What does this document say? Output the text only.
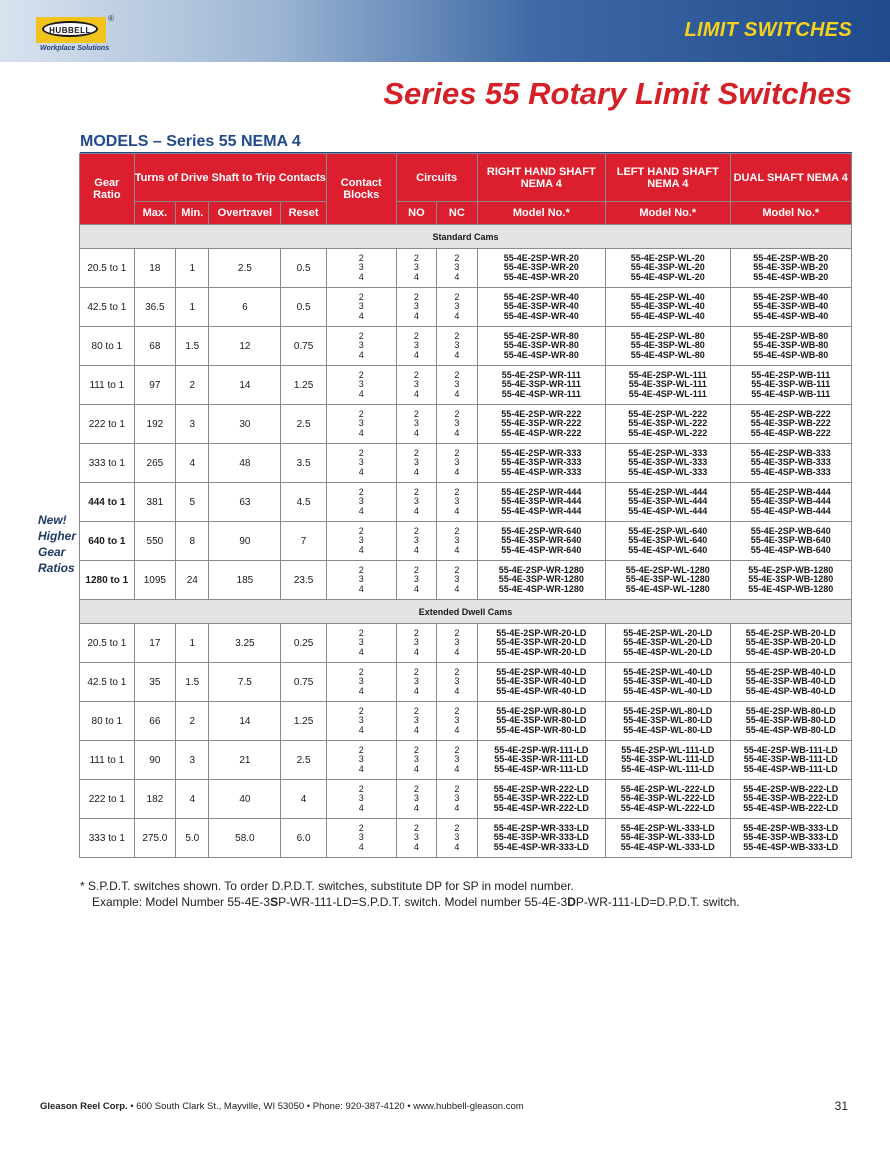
HUBBELL
®
Workplace Solutions
LIMIT SWITCHES
Series 55 Rotary Limit Switches
MODELS – Series 55 NEMA 4
Gear Ratio	Turns of Drive Shaft to Trip Contacts				Contact Blocks	Circuits		RIGHT HAND SHAFT NEMA 4	LEFT HAND SHAFT NEMA 4	DUAL SHAFT NEMA 4
	Max.	Min.	Overtravel	Reset		NO	NC	Model No.*	Model No.*	Model No.*
Standard Cams										
20.5 to 1	18	1	2.5	0.5	2
3
4	2
3
4	2
3
4	55-4E-2SP-WR-20
55-4E-3SP-WR-20
55-4E-4SP-WR-20	55-4E-2SP-WL-20
55-4E-3SP-WL-20
55-4E-4SP-WL-20	55-4E-2SP-WB-20
55-4E-3SP-WB-20
55-4E-4SP-WB-20
42.5 to 1	36.5	1	6	0.5	2
3
4	2
3
4	2
3
4	55-4E-2SP-WR-40
55-4E-3SP-WR-40
55-4E-4SP-WR-40	55-4E-2SP-WL-40
55-4E-3SP-WL-40
55-4E-4SP-WL-40	55-4E-2SP-WB-40
55-4E-3SP-WB-40
55-4E-4SP-WB-40
80 to 1	68	1.5	12	0.75	2
3
4	2
3
4	2
3
4	55-4E-2SP-WR-80
55-4E-3SP-WR-80
55-4E-4SP-WR-80	55-4E-2SP-WL-80
55-4E-3SP-WL-80
55-4E-4SP-WL-80	55-4E-2SP-WB-80
55-4E-3SP-WB-80
55-4E-4SP-WB-80
111 to 1	97	2	14	1.25	2
3
4	2
3
4	2
3
4	55-4E-2SP-WR-111
55-4E-3SP-WR-111
55-4E-4SP-WR-111	55-4E-2SP-WL-111
55-4E-3SP-WL-111
55-4E-4SP-WL-111	55-4E-2SP-WB-111
55-4E-3SP-WB-111
55-4E-4SP-WB-111
222 to 1	192	3	30	2.5	2
3
4	2
3
4	2
3
4	55-4E-2SP-WR-222
55-4E-3SP-WR-222
55-4E-4SP-WR-222	55-4E-2SP-WL-222
55-4E-3SP-WL-222
55-4E-4SP-WL-222	55-4E-2SP-WB-222
55-4E-3SP-WB-222
55-4E-4SP-WB-222
333 to 1	265	4	48	3.5	2
3
4	2
3
4	2
3
4	55-4E-2SP-WR-333
55-4E-3SP-WR-333
55-4E-4SP-WR-333	55-4E-2SP-WL-333
55-4E-3SP-WL-333
55-4E-4SP-WL-333	55-4E-2SP-WB-333
55-4E-3SP-WB-333
55-4E-4SP-WB-333
444 to 1	381	5	63	4.5	2
3
4	2
3
4	2
3
4	55-4E-2SP-WR-444
55-4E-3SP-WR-444
55-4E-4SP-WR-444	55-4E-2SP-WL-444
55-4E-3SP-WL-444
55-4E-4SP-WL-444	55-4E-2SP-WB-444
55-4E-3SP-WB-444
55-4E-4SP-WB-444
640 to 1	550	8	90	7	2
3
4	2
3
4	2
3
4	55-4E-2SP-WR-640
55-4E-3SP-WR-640
55-4E-4SP-WR-640	55-4E-2SP-WL-640
55-4E-3SP-WL-640
55-4E-4SP-WL-640	55-4E-2SP-WB-640
55-4E-3SP-WB-640
55-4E-4SP-WB-640
1280 to 1	1095	24	185	23.5	2
3
4	2
3
4	2
3
4	55-4E-2SP-WR-1280
55-4E-3SP-WR-1280
55-4E-4SP-WR-1280	55-4E-2SP-WL-1280
55-4E-3SP-WL-1280
55-4E-4SP-WL-1280	55-4E-2SP-WB-1280
55-4E-3SP-WB-1280
55-4E-4SP-WB-1280
Extended Dwell Cams										
20.5 to 1	17	1	3.25	0.25	2
3
4	2
3
4	2
3
4	55-4E-2SP-WR-20-LD
55-4E-3SP-WR-20-LD
55-4E-4SP-WR-20-LD	55-4E-2SP-WL-20-LD
55-4E-3SP-WL-20-LD
55-4E-4SP-WL-20-LD	55-4E-2SP-WB-20-LD
55-4E-3SP-WB-20-LD
55-4E-4SP-WB-20-LD
42.5 to 1	35	1.5	7.5	0.75	2
3
4	2
3
4	2
3
4	55-4E-2SP-WR-40-LD
55-4E-3SP-WR-40-LD
55-4E-4SP-WR-40-LD	55-4E-2SP-WL-40-LD
55-4E-3SP-WL-40-LD
55-4E-4SP-WL-40-LD	55-4E-2SP-WB-40-LD
55-4E-3SP-WB-40-LD
55-4E-4SP-WB-40-LD
80 to 1	66	2	14	1.25	2
3
4	2
3
4	2
3
4	55-4E-2SP-WR-80-LD
55-4E-3SP-WR-80-LD
55-4E-4SP-WR-80-LD	55-4E-2SP-WL-80-LD
55-4E-3SP-WL-80-LD
55-4E-4SP-WL-80-LD	55-4E-2SP-WB-80-LD
55-4E-3SP-WB-80-LD
55-4E-4SP-WB-80-LD
111 to 1	90	3	21	2.5	2
3
4	2
3
4	2
3
4	55-4E-2SP-WR-111-LD
55-4E-3SP-WR-111-LD
55-4E-4SP-WR-111-LD	55-4E-2SP-WL-111-LD
55-4E-3SP-WL-111-LD
55-4E-4SP-WL-111-LD	55-4E-2SP-WB-111-LD
55-4E-3SP-WB-111-LD
55-4E-4SP-WB-111-LD
222 to 1	182	4	40	4	2
3
4	2
3
4	2
3
4	55-4E-2SP-WR-222-LD
55-4E-3SP-WR-222-LD
55-4E-4SP-WR-222-LD	55-4E-2SP-WL-222-LD
55-4E-3SP-WL-222-LD
55-4E-4SP-WL-222-LD	55-4E-2SP-WB-222-LD
55-4E-3SP-WB-222-LD
55-4E-4SP-WB-222-LD
333 to 1	275.0	5.0	58.0	6.0	2
3
4	2
3
4	2
3
4	55-4E-2SP-WR-333-LD
55-4E-3SP-WR-333-LD
55-4E-4SP-WR-333-LD	55-4E-2SP-WL-333-LD
55-4E-3SP-WL-333-LD
55-4E-4SP-WL-333-LD	55-4E-2SP-WB-333-LD
55-4E-3SP-WB-333-LD
55-4E-4SP-WB-333-LD
New! Higher Gear Ratios
* S.P.D.T. switches shown. To order D.P.D.T. switches, substitute DP for SP in model number.
Example: Model Number 55-4E-3SP-WR-111-LD=S.P.D.T. switch. Model number 55-4E-3DP-WR-111-LD=D.P.D.T. switch.
Gleason Reel Corp. • 600 South Clark St., Mayville, WI 53050 • Phone: 920-387-4120 • www.hubbell-gleason.com	31
